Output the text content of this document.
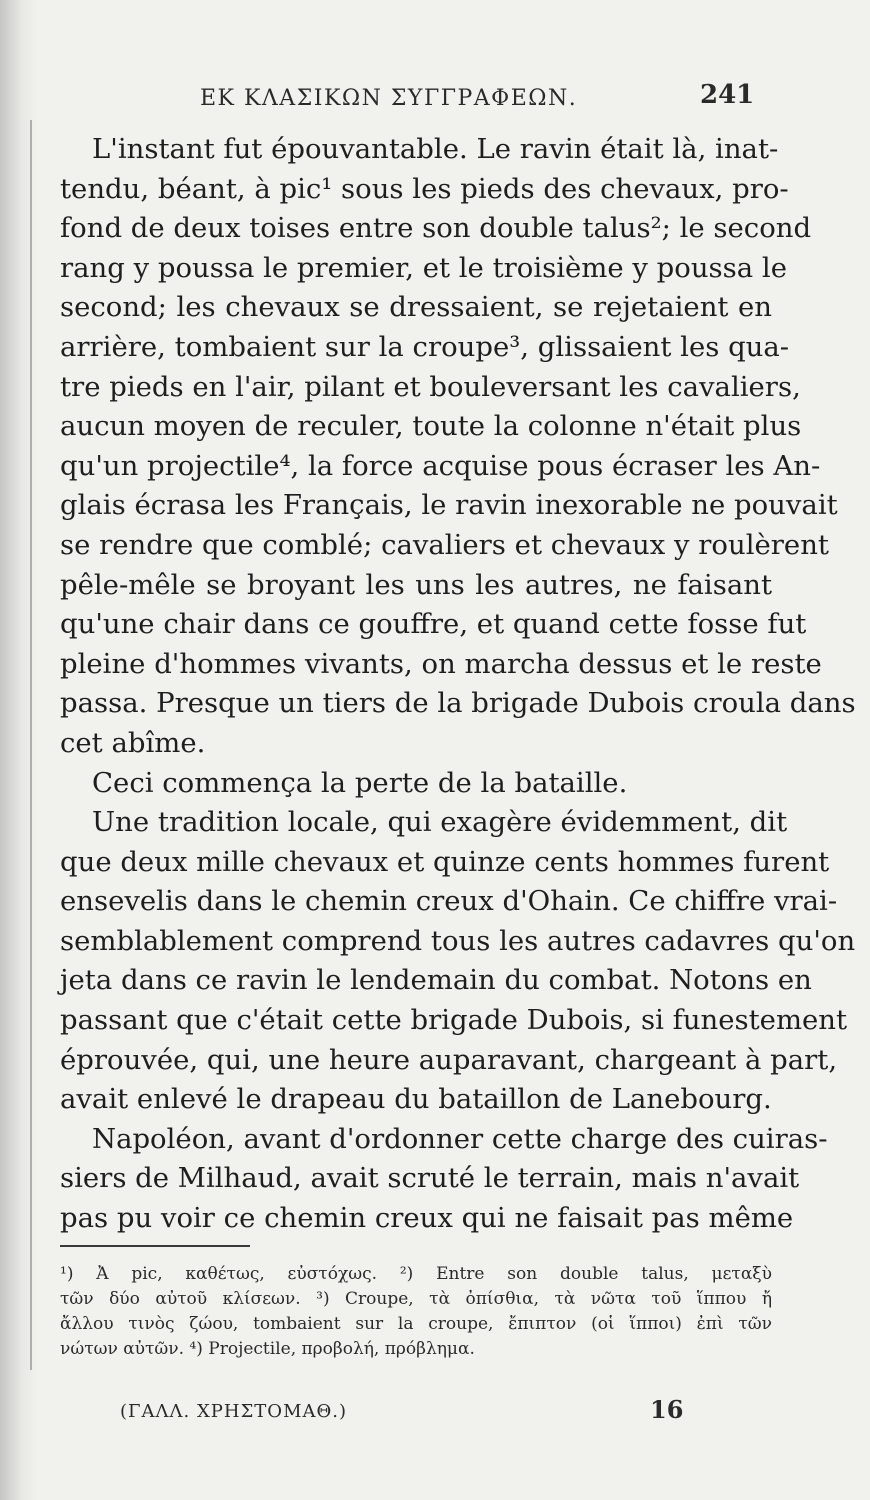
ΕΚ ΚΛΑΣΙΚΩΝ ΣΥΓΓΡΑΦΕΩΝ.	241

L'instant fut épouvantable. Le ravin était là, inat-
tendu, béant, à pic¹ sous les pieds des chevaux, pro-
fond de deux toises entre son double talus²; le second
rang y poussa le premier, et le troisième y poussa le
second; les chevaux se dressaient, se rejetaient en
arrière, tombaient sur la croupe³, glissaient les qua-
tre pieds en l'air, pilant et bouleversant les cavaliers,
aucun moyen de reculer, toute la colonne n'était plus
qu'un projectile⁴, la force acquise pous écraser les An-
glais écrasa les Français, le ravin inexorable ne pouvait
se rendre que comblé; cavaliers et chevaux y roulèrent
pêle-mêle se broyant les uns les autres, ne faisant
qu'une chair dans ce gouffre, et quand cette fosse fut
pleine d'hommes vivants, on marcha dessus et le reste
passa. Presque un tiers de la brigade Dubois croula dans
cet abîme.

Ceci commença la perte de la bataille.

Une tradition locale, qui exagère évidemment, dit
que deux mille chevaux et quinze cents hommes furent
ensevelis dans le chemin creux d'Ohain. Ce chiffre vrai-
semblablement comprend tous les autres cadavres qu'on
jeta dans ce ravin le lendemain du combat. Notons en
passant que c'était cette brigade Dubois, si funestement
éprouvée, qui, une heure auparavant, chargeant à part,
avait enlevé le drapeau du bataillon de Lanebourg.

Napoléon, avant d'ordonner cette charge des cuiras-
siers de Milhaud, avait scruté le terrain, mais n'avait
pas pu voir ce chemin creux qui ne faisait pas même

¹) Ἀ pic, καθέτως, εὐστόχως. ²) Entre son double talus, μεταξὺ
τῶν δύο αὐτοῦ κλίσεων. ³) Croupe, τὰ ὀπίσθια, τὰ νῶτα τοῦ ἵππου ἤ
ἄλλου τινὸς ζώου, tombaient sur la croupe, ἔπιπτον (οἱ ἵπποι) ἐπὶ τῶν
νώτων αὐτῶν. ⁴) Projectile, προβολή, πρόβλημα.
(ΓΑΛΛ. ΧΡΗΣΤΟΜΑΘ.)	16
